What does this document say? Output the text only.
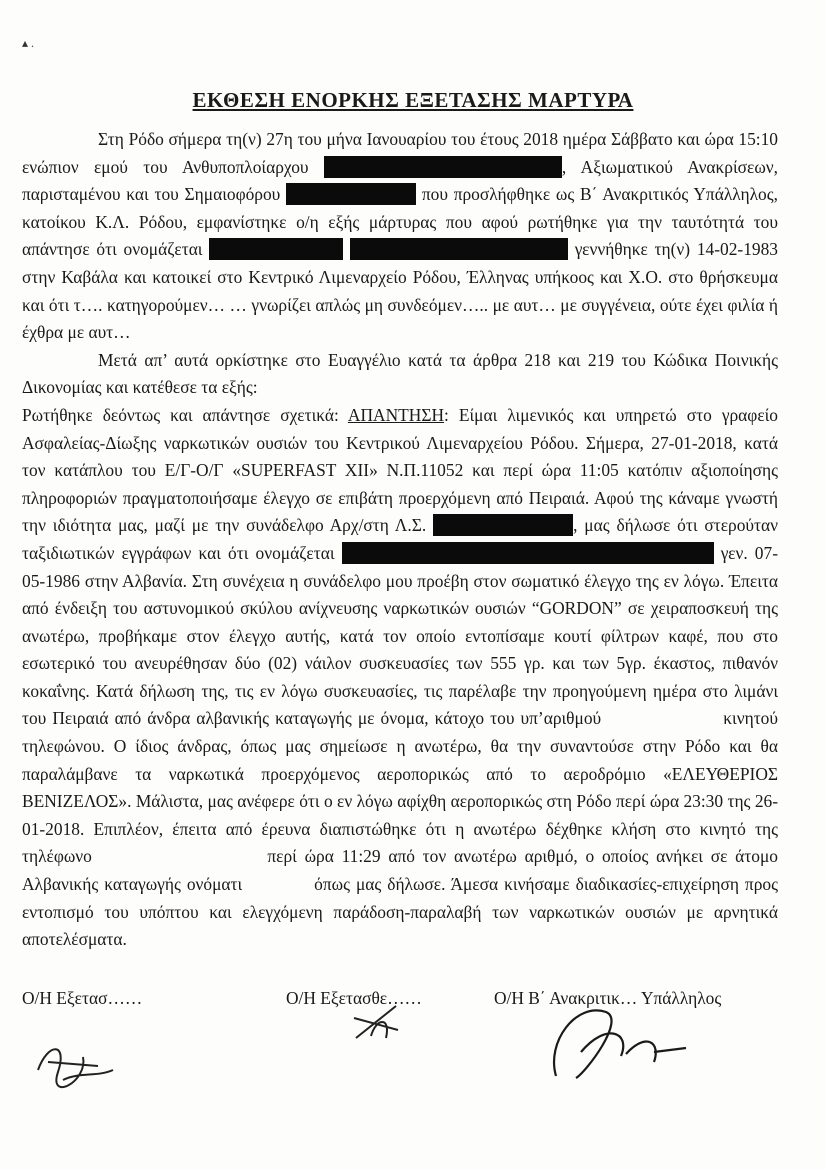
▴ .
ΕΚΘΕΣΗ ΕΝΟΡΚΗΣ ΕΞΕΤΑΣΗΣ ΜΑΡΤΥΡΑ

Στη Ρόδο σήμερα τη(ν) 27η του μήνα Ιανουαρίου του έτους 2018 ημέρα Σάββατο και ώρα 15:10 ενώπιον εμού του Ανθυποπλοίαρχου	, Αξιωματικού Ανακρίσεων, παρισταμένου και του Σημαιοφόρου	που προσλήφθηκε ως Β΄ Ανακριτικός Υπάλληλος, κατοίκου Κ.Λ. Ρόδου, εμφανίστηκε ο/η εξής μάρτυρας που αφού ρωτήθηκε για την ταυτότητά του απάντησε ότι ονομάζεται	γεννήθηκε τη(ν) 14-02-1983 στην Καβάλα και κατοικεί στο Κεντρικό Λιμεναρχείο Ρόδου, Έλληνας υπήκοος και Χ.Ο. στο θρήσκευμα και ότι τ…. κατηγορούμεν… … γνωρίζει απλώς μη συνδεόμεν….. με αυτ… με συγγένεια, ούτε έχει φιλία ή έχθρα με αυτ…

Μετά απ’ αυτά ορκίστηκε στο Ευαγγέλιο κατά τα άρθρα 218 και 219 του Κώδικα Ποινικής Δικονομίας και κατέθεσε τα εξής:

Ρωτήθηκε δεόντως και απάντησε σχετικά: ΑΠΑΝΤΗΣΗ: Είμαι λιμενικός και υπηρετώ στο γραφείο Ασφαλείας-Δίωξης ναρκωτικών ουσιών του Κεντρικού Λιμεναρχείου Ρόδου. Σήμερα, 27-01-2018, κατά τον κατάπλου του Ε/Γ-Ο/Γ «SUPERFAST XII» Ν.Π.11052 και περί ώρα 11:05 κατόπιν αξιοποίησης πληροφοριών πραγματοποιήσαμε έλεγχο σε επιβάτη προερχόμενη από Πειραιά. Αφού της κάναμε γνωστή την ιδιότητα μας, μαζί με την συνάδελφο Αρχ/στη Λ.Σ.	, μας δήλωσε ότι στερούταν ταξιδιωτικών εγγράφων και ότι ονομάζεται	γεν. 07-05-1986 στην Αλβανία. Στη συνέχεια η συνάδελφο μου προέβη στον σωματικό έλεγχο της εν λόγω. Έπειτα από ένδειξη του αστυνομικού σκύλου ανίχνευσης ναρκωτικών ουσιών “GORDON” σε χειραποσκευή της ανωτέρω, προβήκαμε στον έλεγχο αυτής, κατά τον οποίο εντοπίσαμε κουτί φίλτρων καφέ, που στο εσωτερικό του ανευρέθησαν δύο (02) νάιλον συσκευασίες των 555 γρ. και των 5γρ. έκαστος, πιθανόν κοκαΐνης. Κατά δήλωση της, τις εν λόγω συσκευασίες, τις παρέλαβε την προηγούμενη ημέρα στο λιμάνι του Πειραιά από άνδρα αλβανικής καταγωγής με όνομα, κάτοχο του υπ’αριθμού	κινητού τηλεφώνου. Ο ίδιος άνδρας, όπως μας σημείωσε η ανωτέρω, θα την συναντούσε στην Ρόδο και θα παραλάμβανε τα ναρκωτικά προερχόμενος αεροπορικώς από το αεροδρόμιο «ΕΛΕΥΘΕΡΙΟΣ ΒΕΝΙΖΕΛΟΣ». Μάλιστα, μας ανέφερε ότι ο εν λόγω αφίχθη αεροπορικώς στη Ρόδο περί ώρα 23:30 της 26-01-2018. Επιπλέον, έπειτα από έρευνα διαπιστώθηκε ότι η ανωτέρω δέχθηκε κλήση στο κινητό της τηλέφωνο	περί ώρα 11:29 από τον ανωτέρω αριθμό, ο οποίος ανήκει σε άτομο Αλβανικής καταγωγής ονόματι	όπως μας δήλωσε. Άμεσα κινήσαμε διαδικασίες-επιχείρηση προς εντοπισμό του υπόπτου και ελεγχόμενη παράδοση-παραλαβή των ναρκωτικών ουσιών με αρνητικά αποτελέσματα.

Ο/Η Εξετασ……	Ο/Η Εξετασθε……	Ο/Η Β΄ Ανακριτικ… Υπάλληλος
